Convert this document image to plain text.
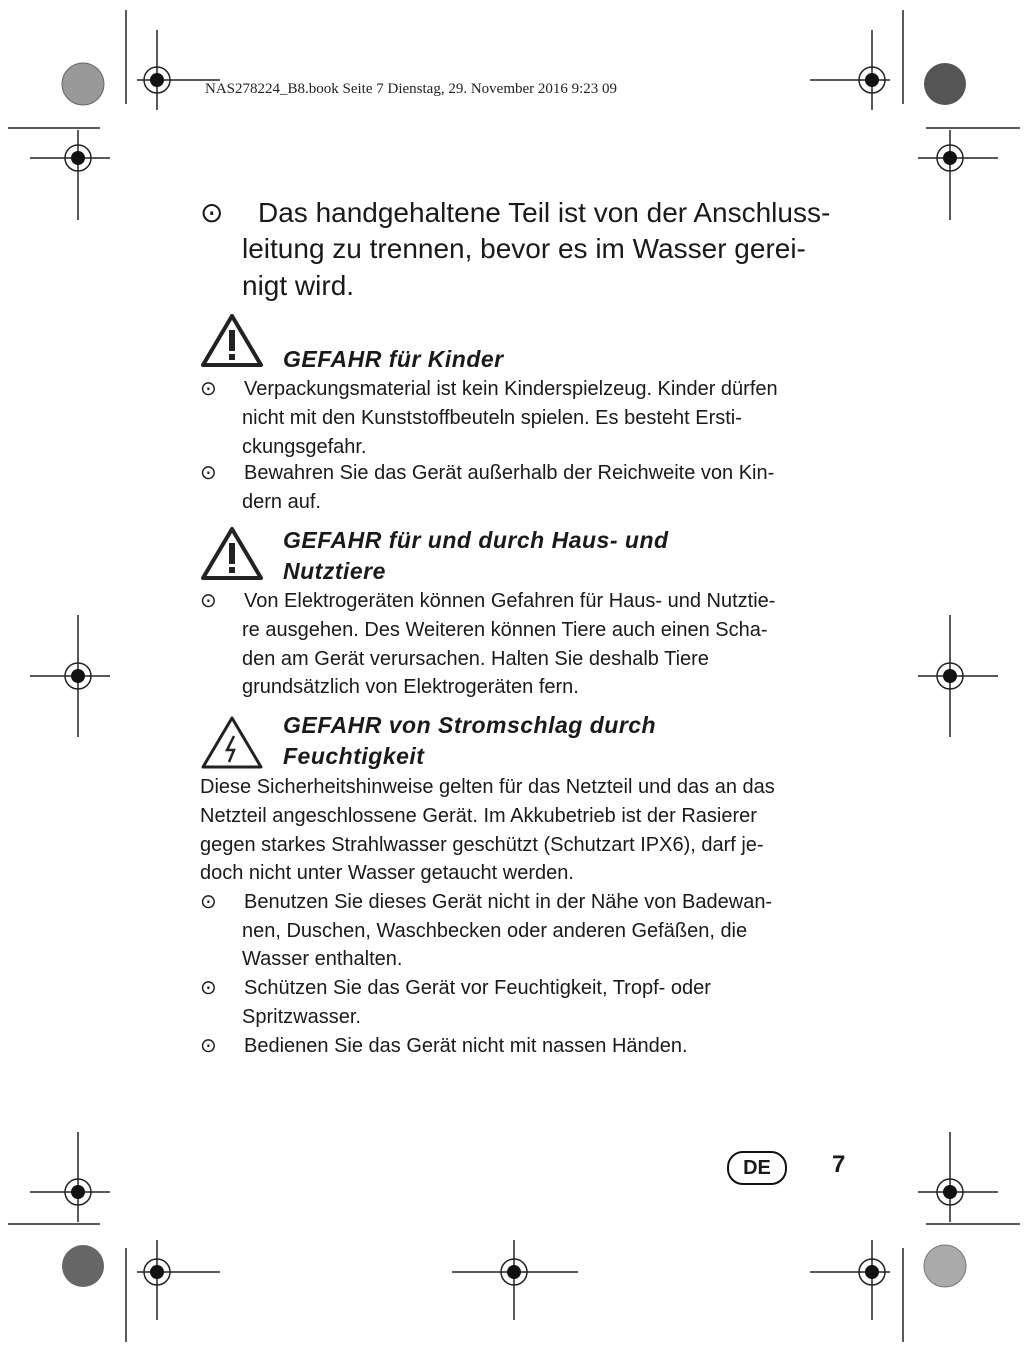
NAS278224_B8.book Seite 7 Dienstag, 29. November 2016 9:23 09
⊙ Das handgehaltene Teil ist von der Anschluss-
leitung zu trennen, bevor es im Wasser gerei-
nigt wird.
GEFAHR für Kinder
⊙ Verpackungsmaterial ist kein Kinderspielzeug. Kinder dürfen
nicht mit den Kunststoffbeuteln spielen. Es besteht Ersti-
ckungsgefahr.
⊙ Bewahren Sie das Gerät außerhalb der Reichweite von Kin-
dern auf.
GEFAHR für und durch Haus- und
Nutztiere
⊙ Von Elektrogeräten können Gefahren für Haus- und Nutztie-
re ausgehen. Des Weiteren können Tiere auch einen Scha-
den am Gerät verursachen. Halten Sie deshalb Tiere
grundsätzlich von Elektrogeräten fern.
GEFAHR von Stromschlag durch
Feuchtigkeit
Diese Sicherheitshinweise gelten für das Netzteil und das an das
Netzteil angeschlossene Gerät. Im Akkubetrieb ist der Rasierer
gegen starkes Strahlwasser geschützt (Schutzart IPX6), darf je-
doch nicht unter Wasser getaucht werden.
⊙ Benutzen Sie dieses Gerät nicht in der Nähe von Badewan-
nen, Duschen, Waschbecken oder anderen Gefäßen, die
Wasser enthalten.
⊙ Schützen Sie das Gerät vor Feuchtigkeit, Tropf- oder
Spritzwasser.
⊙ Bedienen Sie das Gerät nicht mit nassen Händen.
DE	7
